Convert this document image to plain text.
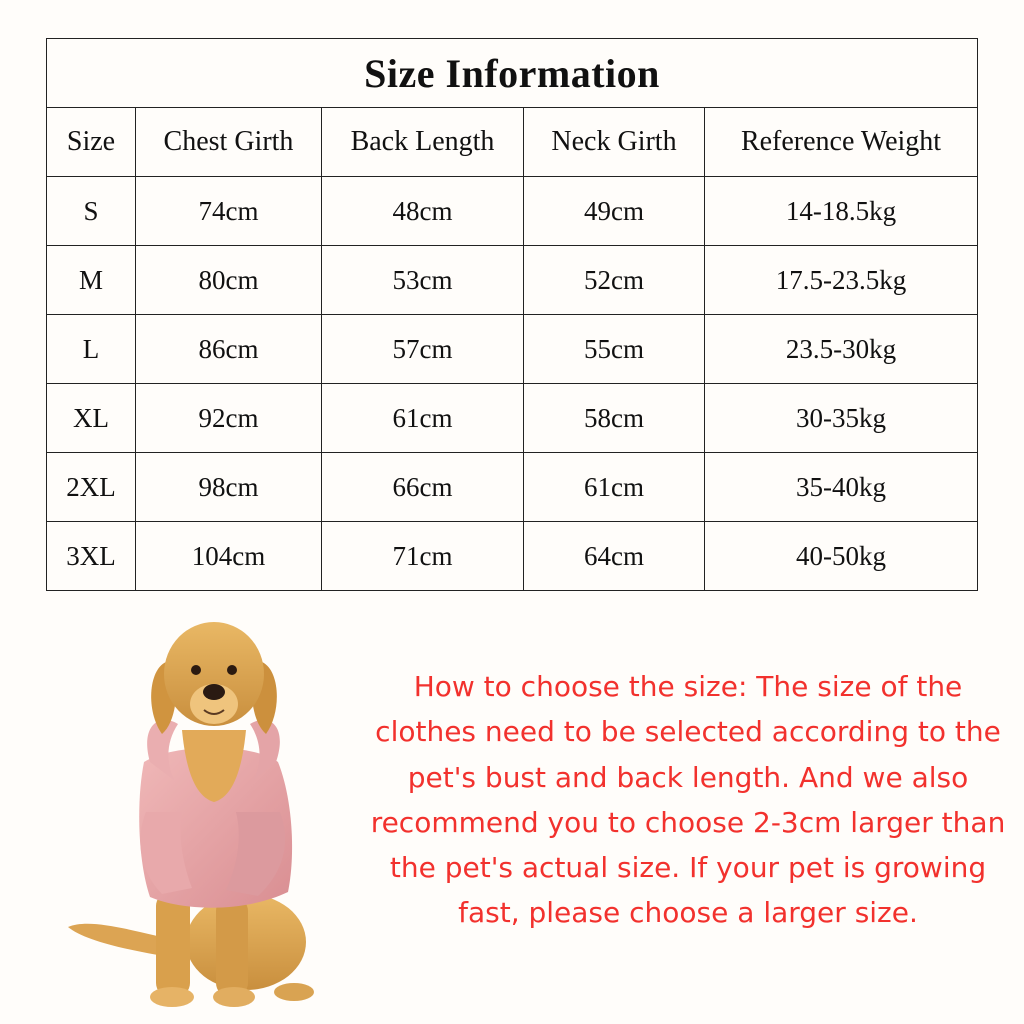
Size Information				
Size	Chest Girth	Back Length	Neck Girth	Reference Weight
S	74cm	48cm	49cm	14-18.5kg
M	80cm	53cm	52cm	17.5-23.5kg
L	86cm	57cm	55cm	23.5-30kg
XL	92cm	61cm	58cm	30-35kg
2XL	98cm	66cm	61cm	35-40kg
3XL	104cm	71cm	64cm	40-50kg

How to choose the size: The size of the clothes need to be selected according to the pet's bust and back length. And we also recommend you to choose 2-3cm larger than the pet's actual size. If your pet is growing fast, please choose a larger size.
